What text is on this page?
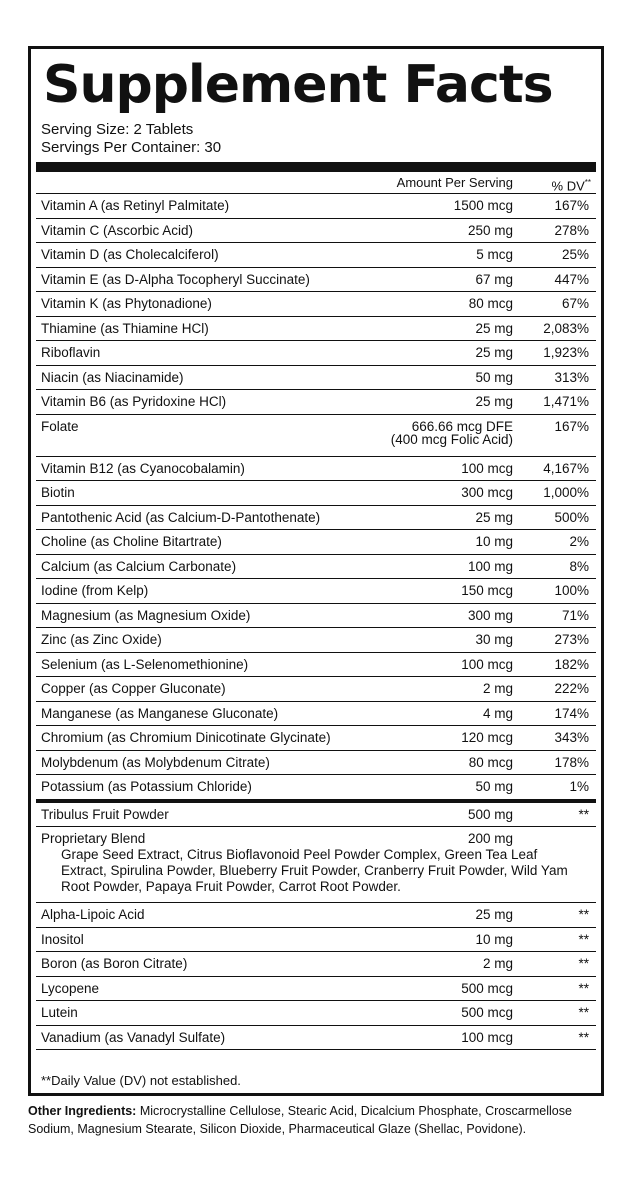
Supplement Facts
Serving Size: 2 Tablets
Servings Per Container: 30
Amount Per Serving	% DV**
Vitamin A (as Retinyl Palmitate)	1500 mcg	167%
Vitamin C (Ascorbic Acid)	250 mg	278%
Vitamin D (as Cholecalciferol)	5 mcg	25%
Vitamin E (as D-Alpha Tocopheryl Succinate)	67 mg	447%
Vitamin K (as Phytonadione)	80 mcg	67%
Thiamine (as Thiamine HCl)	25 mg 2,083%
Riboflavin	25 mg 1,923%
Niacin (as Niacinamide)	50 mg	313%
Vitamin B6 (as Pyridoxine HCl)	25 mg 1,471%
Folate	666.66 mcg DFE	167%
(400 mcg Folic Acid)
Vitamin B12 (as Cyanocobalamin)	100 mcg 4,167%
Biotin	300 mcg 1,000%
Pantothenic Acid (as Calcium-D-Pantothenate)	25 mg	500%
Choline (as Choline Bitartrate)	10 mg	2%
Calcium (as Calcium Carbonate)	100 mg	8%
Iodine (from Kelp)	150 mcg	100%
Magnesium (as Magnesium Oxide)	300 mg	71%
Zinc (as Zinc Oxide)	30 mg	273%
Selenium (as L-Selenomethionine)	100 mcg	182%
Copper (as Copper Gluconate)	2 mg	222%
Manganese (as Manganese Gluconate)	4 mg	174%
Chromium (as Chromium Dinicotinate Glycinate)	120 mcg	343%
Molybdenum (as Molybdenum Citrate)	80 mcg	178%
Potassium (as Potassium Chloride)	50 mg	1%
Tribulus Fruit Powder	500 mg	**
Proprietary Blend	200 mg
Grape Seed Extract, Citrus Bioflavonoid Peel Powder Complex, Green Tea Leaf Extract, Spirulina Powder, Blueberry Fruit Powder, Cranberry Fruit Powder, Wild Yam Root Powder, Papaya Fruit Powder, Carrot Root Powder.
Alpha-Lipoic Acid	25 mg	**
Inositol	10 mg	**
Boron (as Boron Citrate)	2 mg	**
Lycopene	500 mcg	**
Lutein	500 mcg	**
Vanadium (as Vanadyl Sulfate)	100 mcg	**
**Daily Value (DV) not established.
Other Ingredients: Microcrystalline Cellulose, Stearic Acid, Dicalcium Phosphate, Croscarmellose Sodium, Magnesium Stearate, Silicon Dioxide, Pharmaceutical Glaze (Shellac, Povidone).
